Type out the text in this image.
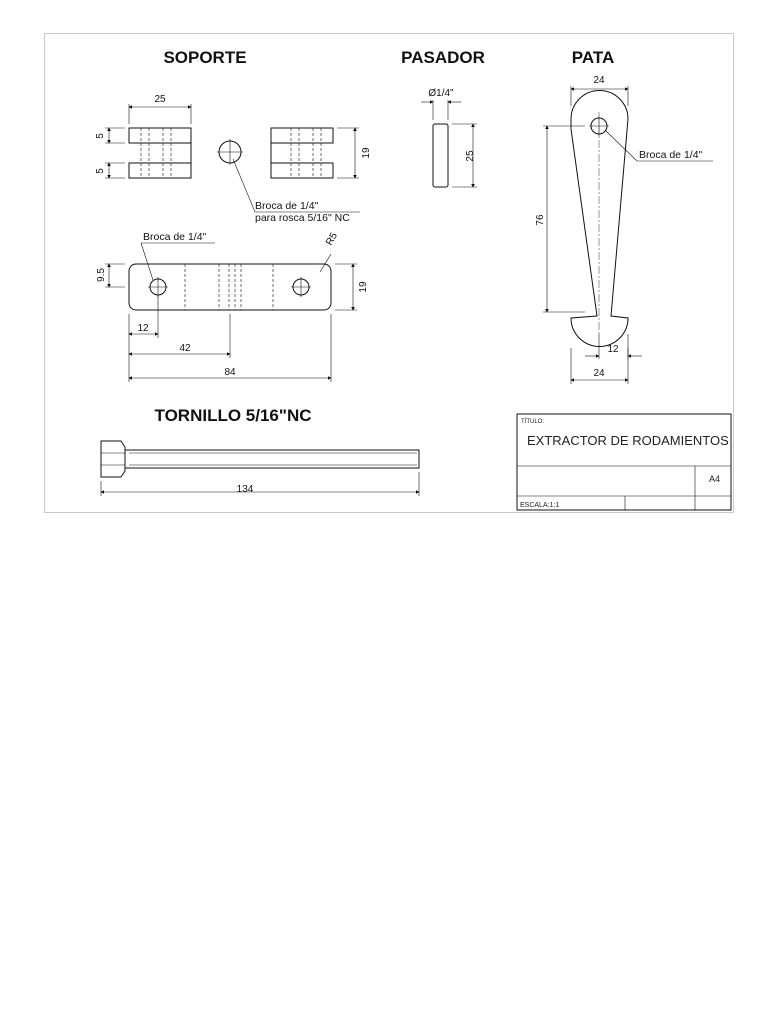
SOPORTE
25
5
5
19
Broca de 1/4"
para rosca 5/16" NC
Broca de 1/4"	R5
9.5
19
12
42
84
PASADOR
Ø1/4"
25
PATA
24
76
12
24
Broca de 1/4"
TORNILLO 5/16"NC
134
TÍTULO:
EXTRACTOR DE RODAMIENTOS
A4
ESCALA:1:1
